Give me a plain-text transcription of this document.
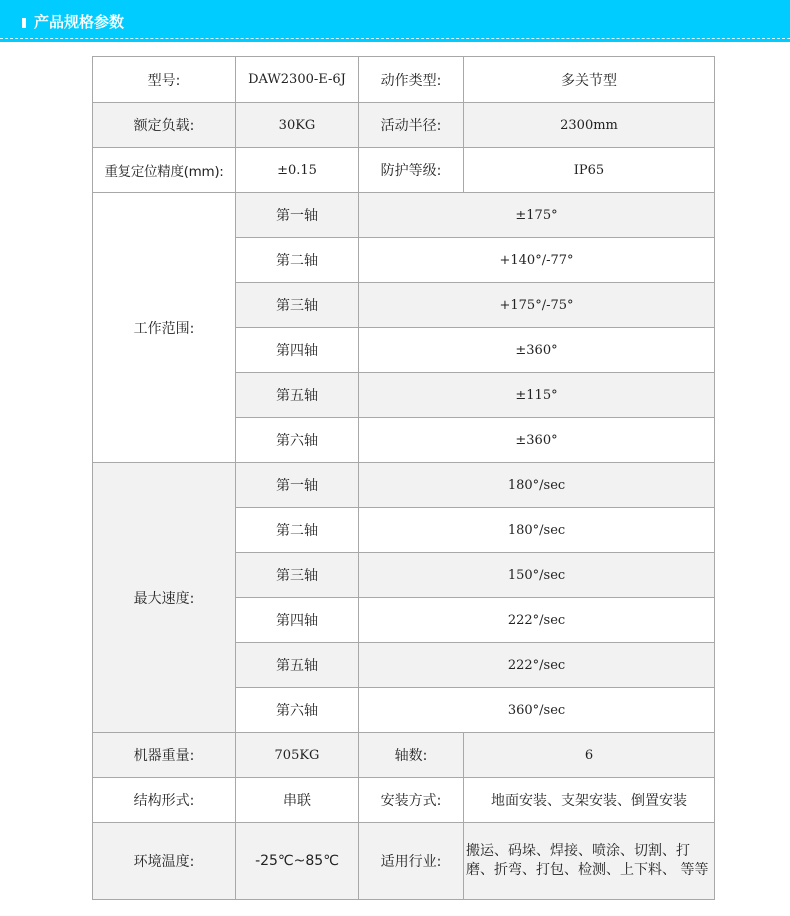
产品规格参数
型号:	DAW2300-E-6J	动作类型:	多关节型
额定负载:	30KG	活动半径:	2300mm
重复定位精度(mm):	±0.15	防护等级:	IP65
工作范围:	第一轴	±175°	
	第二轴	+140°/-77°	
	第三轴	+175°/-75°	
	第四轴	±360°	
	第五轴	±115°	
	第六轴	±360°	
最大速度:	第一轴	180°/sec	
	第二轴	180°/sec	
	第三轴	150°/sec	
	第四轴	222°/sec	
	第五轴	222°/sec	
	第六轴	360°/sec	
机器重量:	705KG	轴数:	6
结构形式:	串联	安装方式:	地面安装、支架安装、倒置安装
环境温度:	-25℃~85℃	适用行业:	搬运、码垛、焊接、喷涂、切割、打磨、折弯、打包、检测、上下料、 等等
